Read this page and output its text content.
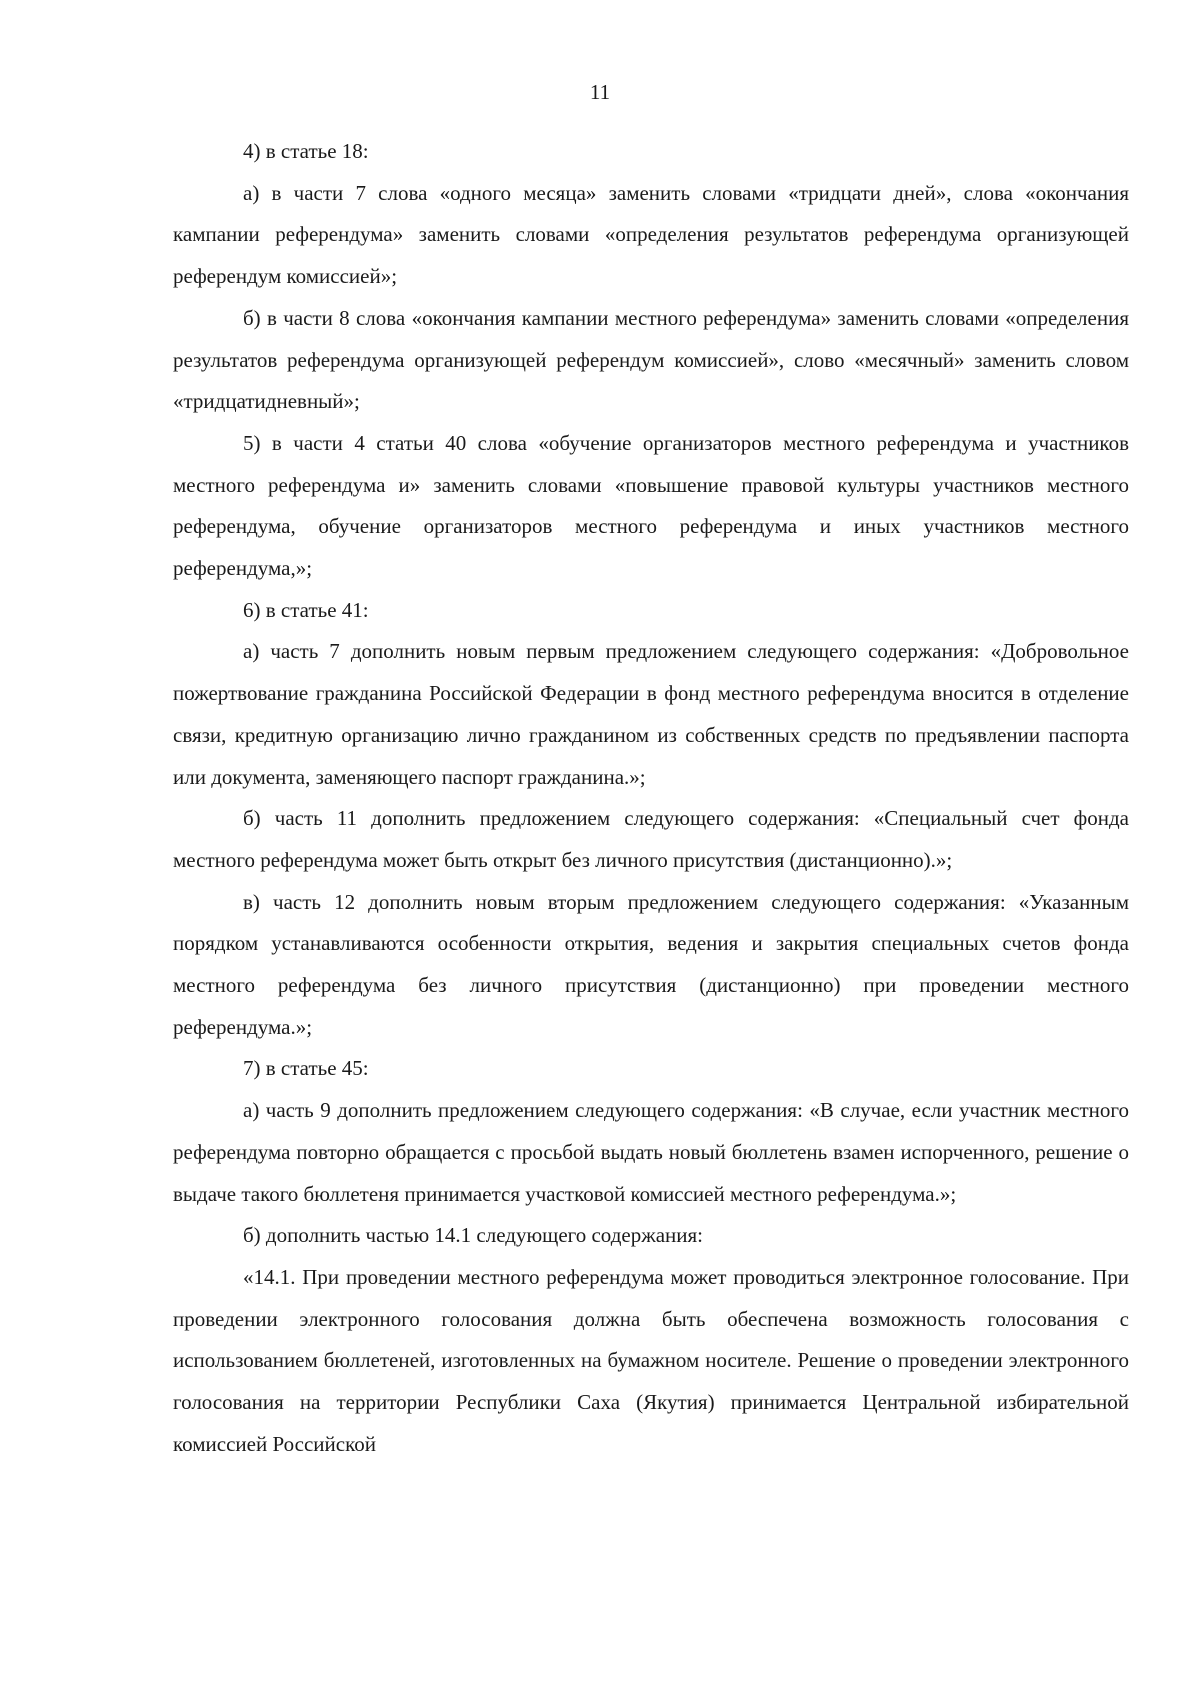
11

4) в статье 18:

а) в части 7 слова «одного месяца» заменить словами «тридцати дней», слова «окончания кампании референдума» заменить словами «определения результатов референдума организующей референдум комиссией»;

б) в части 8 слова «окончания кампании местного референдума» заменить словами «определения результатов референдума организующей референдум комиссией», слово «месячный» заменить словом «тридцатидневный»;

5) в части 4 статьи 40 слова «обучение организаторов местного референдума и участников местного референдума и» заменить словами «повышение правовой культуры участников местного референдума, обучение организаторов местного референдума и иных участников местного референдума,»;

6) в статье 41:

а) часть 7 дополнить новым первым предложением следующего содержания: «Добровольное пожертвование гражданина Российской Федерации в фонд местного референдума вносится в отделение связи, кредитную организацию лично гражданином из собственных средств по предъявлении паспорта или документа, заменяющего паспорт гражданина.»;

б) часть 11 дополнить предложением следующего содержания: «Специальный счет фонда местного референдума может быть открыт без личного присутствия (дистанционно).»;

в) часть 12 дополнить новым вторым предложением следующего содержания: «Указанным порядком устанавливаются особенности открытия, ведения и закрытия специальных счетов фонда местного референдума без личного присутствия (дистанционно) при проведении местного референдума.»;

7) в статье 45:

а) часть 9 дополнить предложением следующего содержания: «В случае, если участник местного референдума повторно обращается с просьбой выдать новый бюллетень взамен испорченного, решение о выдаче такого бюллетеня принимается участковой комиссией местного референдума.»;

б) дополнить частью 14.1 следующего содержания:

«14.1. При проведении местного референдума может проводиться электронное голосование. При проведении электронного голосования должна быть обеспечена возможность голосования с использованием бюллетеней, изготовленных на бумажном носителе. Решение о проведении электронного голосования на территории Республики Саха (Якутия) принимается Центральной избирательной комиссией Российской
